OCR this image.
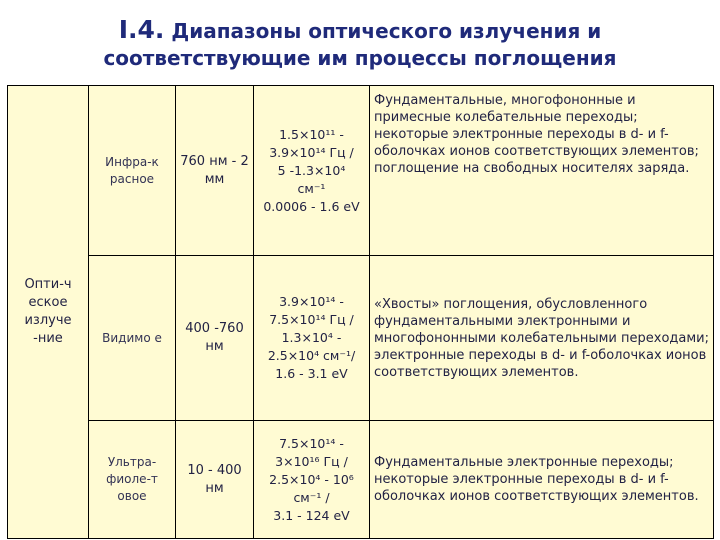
I.4. Диапазоны оптического излучения и
соответствующие им процессы поглощения
Опти-ч еское излуче -ние	Инфра-к расное	760 нм - 2 мм	1.5×10¹¹ -
3.9×10¹⁴ Гц /
5 -1.3×10⁴
см⁻¹
0.0006 - 1.6 eV	Фундаментальные, многофононные и примесные колебательные переходы; некоторые электронные переходы в d- и f-оболочках ионов соответствующих элементов; поглощение на свободных носителях заряда.
	Видимо е	400 -760 нм	3.9×10¹⁴ -
7.5×10¹⁴ Гц /
1.3×10⁴ -
2.5×10⁴ см⁻¹/
1.6 - 3.1 eV	«Хвосты» поглощения, обусловленного фундаментальными электронными и многофононными колебательными переходами; электронные переходы в d- и f-оболочках ионов соответствующих элементов.
	Ультра-фиоле-т овое	10 - 400 нм	7.5×10¹⁴ -
3×10¹⁶ Гц /
2.5×10⁴ - 10⁶
см⁻¹ /
3.1 - 124 eV	Фундаментальные электронные переходы; некоторые электронные переходы в d- и f-оболочках ионов соответствующих элементов.
